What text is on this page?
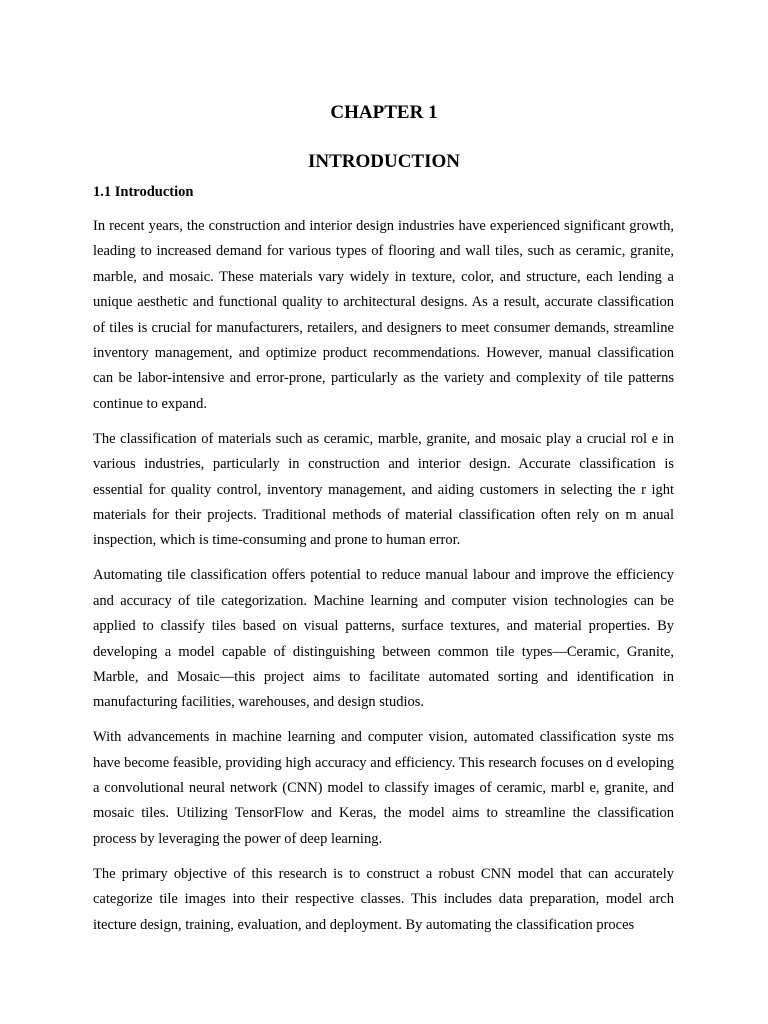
CHAPTER 1
INTRODUCTION
1.1 Introduction

In recent years, the construction and interior design industries have experienced significant growth, leading to increased demand for various types of flooring and wall tiles, such as ceramic, granite, marble, and mosaic. These materials vary widely in texture, color, and structure, each lending a unique aesthetic and functional quality to architectural designs. As a result, accurate classification of tiles is crucial for manufacturers, retailers, and designers to meet consumer demands, streamline inventory management, and optimize product recommendations. However, manual classification can be labor-intensive and error-prone, particularly as the variety and complexity of tile patterns continue to expand.

The classification of materials such as ceramic, marble, granite, and mosaic play a crucial rol e in various industries, particularly in construction and interior design. Accurate classification is essential for quality control, inventory management, and aiding customers in selecting the r ight materials for their projects. Traditional methods of material classification often rely on m anual inspection, which is time-consuming and prone to human error.

Automating tile classification offers potential to reduce manual labour and improve the efficiency and accuracy of tile categorization. Machine learning and computer vision technologies can be applied to classify tiles based on visual patterns, surface textures, and material properties. By developing a model capable of distinguishing between common tile types—Ceramic, Granite, Marble, and Mosaic—this project aims to facilitate automated sorting and identification in manufacturing facilities, warehouses, and design studios.

With advancements in machine learning and computer vision, automated classification syste ms have become feasible, providing high accuracy and efficiency. This research focuses on d eveloping a convolutional neural network (CNN) model to classify images of ceramic, marbl e, granite, and mosaic tiles. Utilizing TensorFlow and Keras, the model aims to streamline the classification process by leveraging the power of deep learning.

The primary objective of this research is to construct a robust CNN model that can accurately categorize tile images into their respective classes. This includes data preparation, model arch itecture design, training, evaluation, and deployment. By automating the classification proces
